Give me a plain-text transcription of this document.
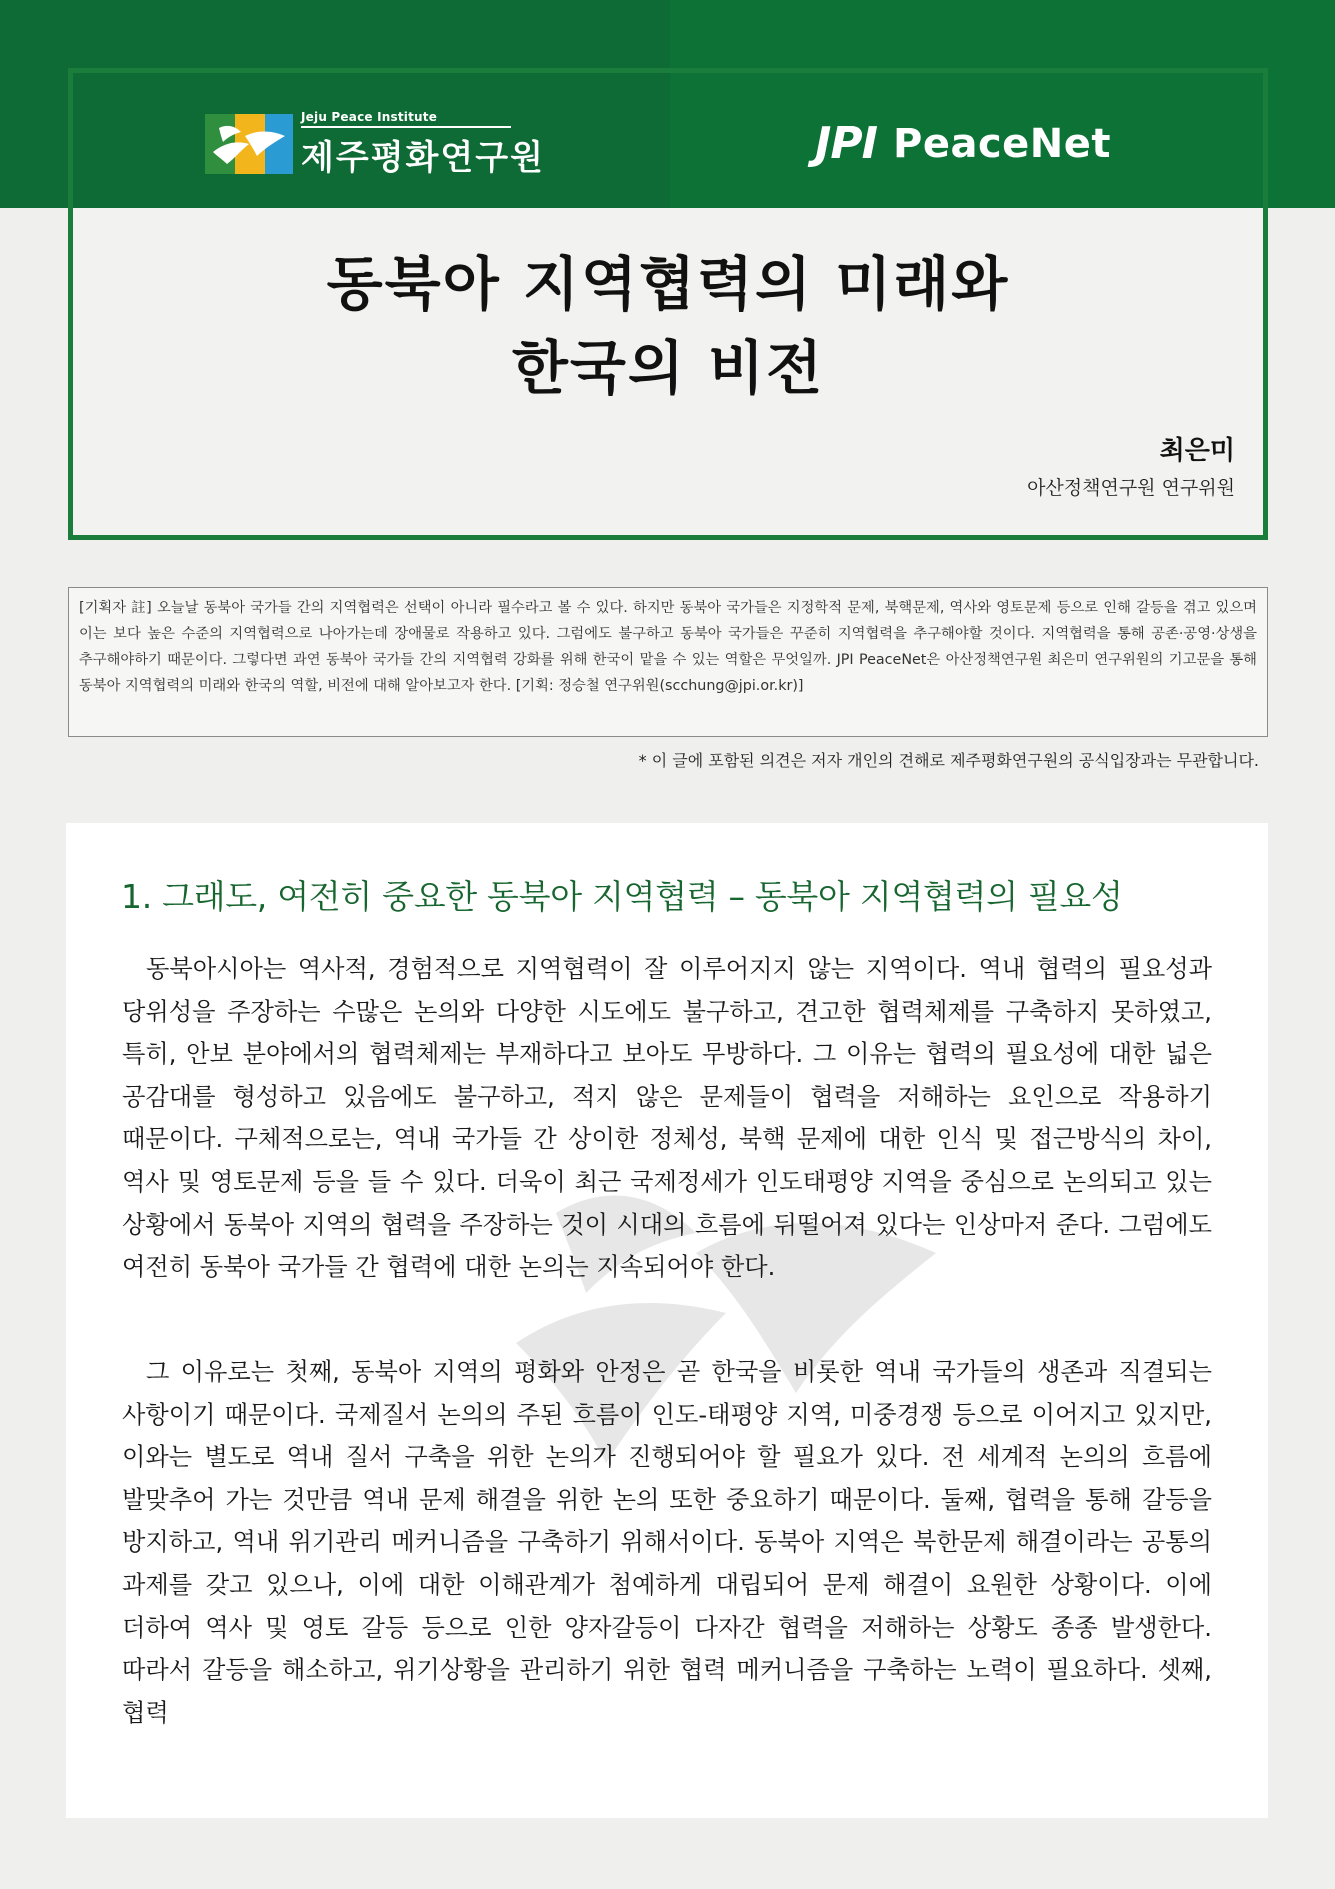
Jeju Peace Institute
제주평화연구원	JPI PeaceNet
동북아 지역협력의 미래와
한국의 비전
최은미
아산정책연구원 연구위원
[기획자 註] 오늘날 동북아 국가들 간의 지역협력은 선택이 아니라 필수라고 볼 수 있다. 하지만 동북아 국가들은 지정학적 문제, 북핵문제, 역사와 영토문제 등으로 인해 갈등을 겪고 있으며 이는 보다 높은 수준의 지역협력으로 나아가는데 장애물로 작용하고 있다. 그럼에도 불구하고 동북아 국가들은 꾸준히 지역협력을 추구해야할 것이다. 지역협력을 통해 공존·공영·상생을 추구해야하기 때문이다. 그렇다면 과연 동북아 국가들 간의 지역협력 강화를 위해 한국이 맡을 수 있는 역할은 무엇일까. JPI PeaceNet은 아산정책연구원 최은미 연구위원의 기고문을 통해 동북아 지역협력의 미래와 한국의 역할, 비전에 대해 알아보고자 한다. [기획: 정승철 연구위원(scchung@jpi.or.kr)]
* 이 글에 포함된 의견은 저자 개인의 견해로 제주평화연구원의 공식입장과는 무관합니다.
1. 그래도, 여전히 중요한 동북아 지역협력 – 동북아 지역협력의 필요성

동북아시아는 역사적, 경험적으로 지역협력이 잘 이루어지지 않는 지역이다. 역내 협력의 필요성과 당위성을 주장하는 수많은 논의와 다양한 시도에도 불구하고, 견고한 협력체제를 구축하지 못하였고, 특히, 안보 분야에서의 협력체제는 부재하다고 보아도 무방하다. 그 이유는 협력의 필요성에 대한 넓은 공감대를 형성하고 있음에도 불구하고, 적지 않은 문제들이 협력을 저해하는 요인으로 작용하기 때문이다. 구체적으로는, 역내 국가들 간 상이한 정체성, 북핵 문제에 대한 인식 및 접근방식의 차이, 역사 및 영토문제 등을 들 수 있다. 더욱이 최근 국제정세가 인도태평양 지역을 중심으로 논의되고 있는 상황에서 동북아 지역의 협력을 주장하는 것이 시대의 흐름에 뒤떨어져 있다는 인상마저 준다. 그럼에도 여전히 동북아 국가들 간 협력에 대한 논의는 지속되어야 한다.

그 이유로는 첫째, 동북아 지역의 평화와 안정은 곧 한국을 비롯한 역내 국가들의 생존과 직결되는 사항이기 때문이다. 국제질서 논의의 주된 흐름이 인도-태평양 지역, 미중경쟁 등으로 이어지고 있지만, 이와는 별도로 역내 질서 구축을 위한 논의가 진행되어야 할 필요가 있다. 전 세계적 논의의 흐름에 발맞추어 가는 것만큼 역내 문제 해결을 위한 논의 또한 중요하기 때문이다. 둘째, 협력을 통해 갈등을 방지하고, 역내 위기관리 메커니즘을 구축하기 위해서이다. 동북아 지역은 북한문제 해결이라는 공통의 과제를 갖고 있으나, 이에 대한 이해관계가 첨예하게 대립되어 문제 해결이 요원한 상황이다. 이에 더하여 역사 및 영토 갈등 등으로 인한 양자갈등이 다자간 협력을 저해하는 상황도 종종 발생한다. 따라서 갈등을 해소하고, 위기상황을 관리하기 위한 협력 메커니즘을 구축하는 노력이 필요하다. 셋째, 협력
